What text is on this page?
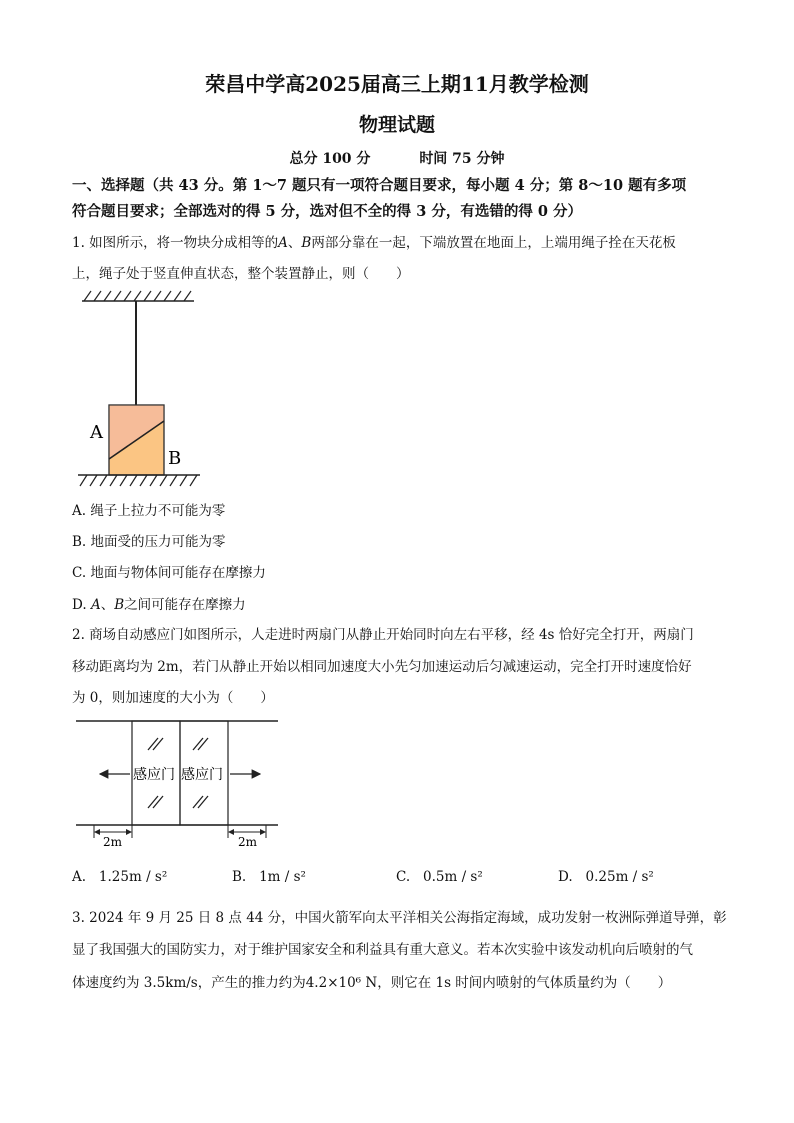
荣昌中学高2025届高三上期11月教学检测
物理试题
总分 100 分	时间 75 分钟
一、选择题（共 43 分。第 1～7 题只有一项符合题目要求，每小题 4 分；第 8～10 题有多项
符合题目要求；全部选对的得 5 分，选对但不全的得 3 分，有选错的得 0 分）
1. 如图所示，将一物块分成相等的A、B两部分靠在一起，下端放置在地面上，上端用绳子拴在天花板
上，绳子处于竖直伸直状态，整个装置静止，则（　　）
A
B
A. 绳子上拉力不可能为零
B. 地面受的压力可能为零
C. 地面与物体间可能存在摩擦力
D. A、B之间可能存在摩擦力
2. 商场自动感应门如图所示，人走进时两扇门从静止开始同时向左右平移，经 4s 恰好完全打开，两扇门
移动距离均为 2m，若门从静止开始以相同加速度大小先匀加速运动后匀减速运动，完全打开时速度恰好
为 0，则加速度的大小为（　　）
感应门 感应门
2m	2m
A. 1.25m / s²	B. 1m / s²	C. 0.5m / s²	D. 0.25m / s²
3. 2024 年 9 月 25 日 8 点 44 分，中国火箭军向太平洋相关公海指定海域，成功发射一枚洲际弹道导弹，彰
显了我国强大的国防实力，对于维护国家安全和利益具有重大意义。若本次实验中该发动机向后喷射的气
体速度约为 3.5km/s，产生的推力约为4.2×10⁶ N，则它在 1s 时间内喷射的气体质量约为（　　）
